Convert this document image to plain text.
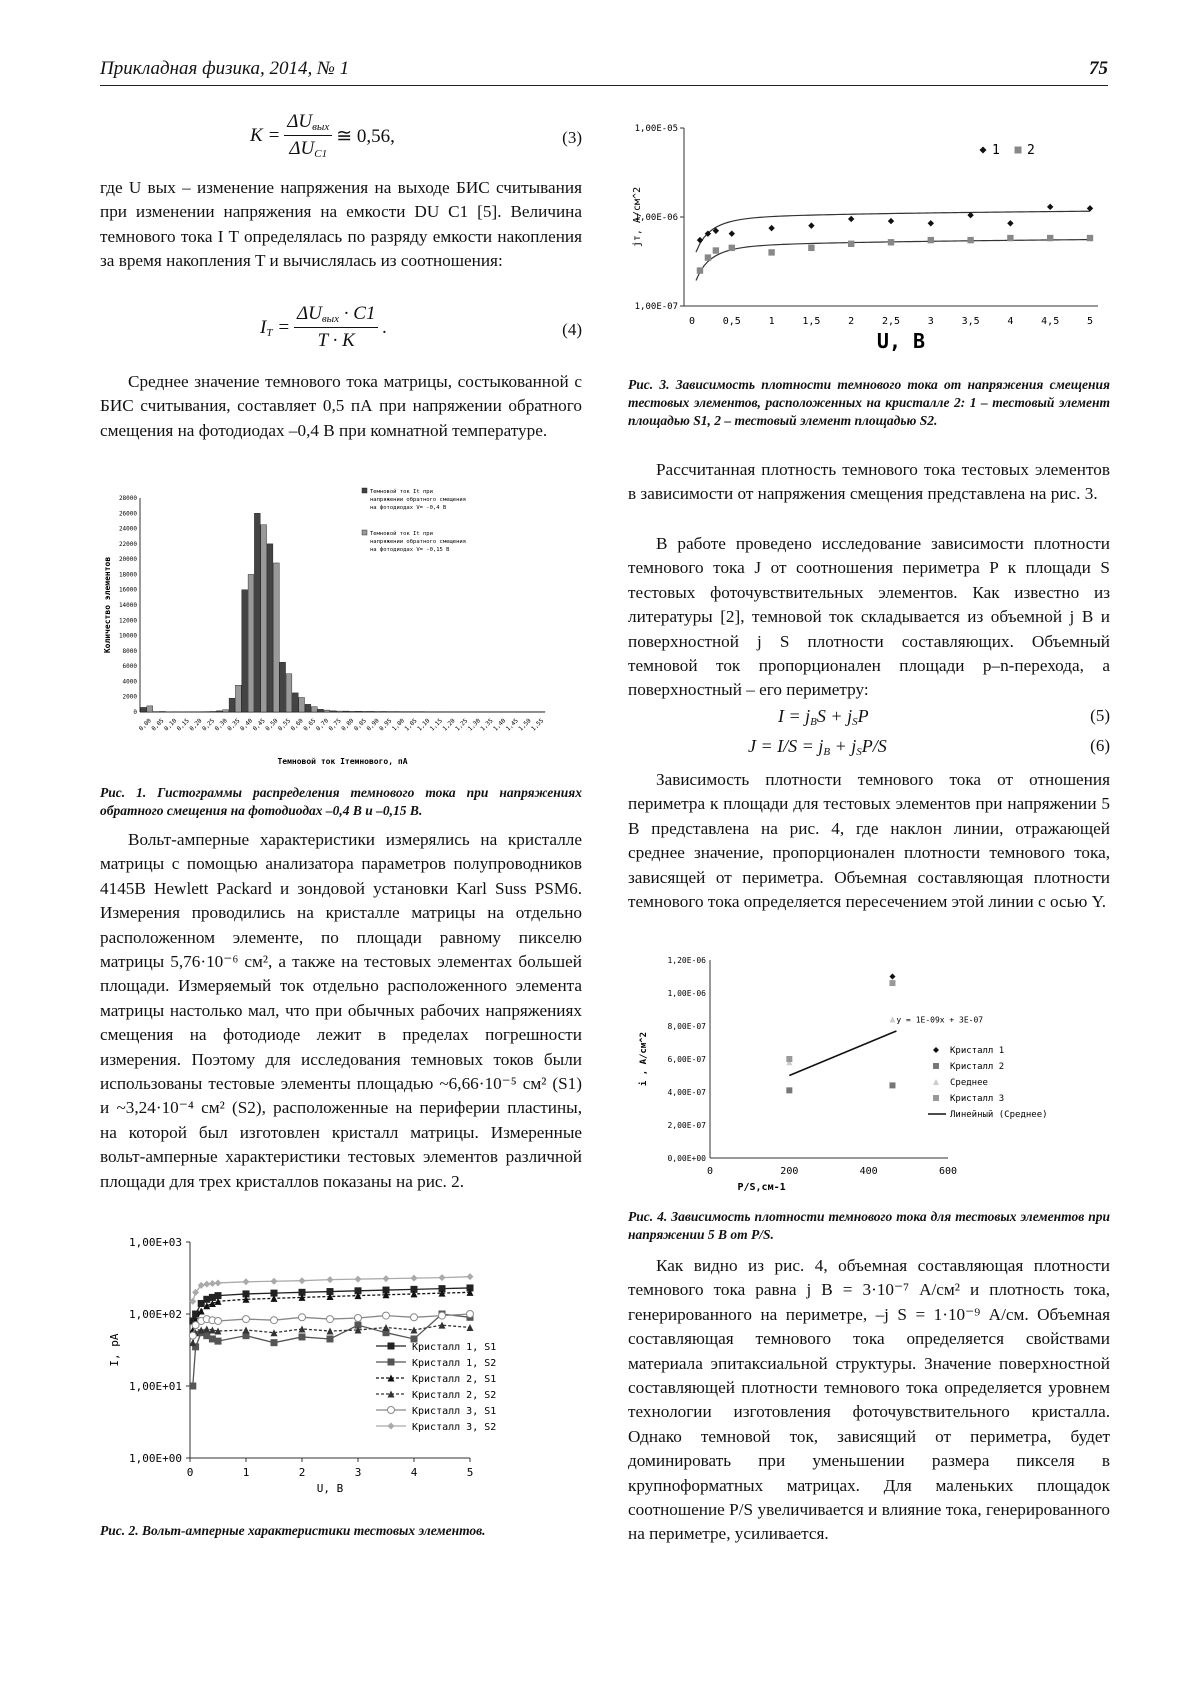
Прикладная физика, 2014, № 1	75
K =
$\Delta U_{вых}$
$\Delta U_{C1}$
≅ 0,56,	(3)

где U вых – изменение напряжения на выходе БИС считывания при изменении напряжения на емкости DU C1 [5]. Величина темнового тока I T определялась по разряду емкости накопления за время накопления T и вычислялась из соотношения:

$I_T$ =
$\Delta U_{вых} \cdot C1$
T · K
.	(4)

Среднее значение темнового тока матрицы, состыкованной с БИС считывания, составляет 0,5 пА при напряжении обратного смещения на фотодиодах –0,4 В при комнатной температуре.

0
2000
4000
6000
8000
10000
12000
14000
16000
18000
20000
22000
24000
26000
28000
0,00
0,05
0,10
0,15
0,20
0,25
0,30
0,35
0,40
0,45
0,50
0,55
0,60
0,65
0,70
0,75
0,80
0,85
0,90
0,95
1,00
1,05
1,10
1,15
1,20
1,25
1,30
1,35
1,40
1,45
1,50
1,55
Количество элементов
Темновой ток Ітемнового, пА
Темновой ток It при
напряжении обратного смещения
на фотодиодах V= -0,4 В
Темновой ток It при
напряжении обратного смещения
на фотодиодах V= -0,15 В

Рис. 1. Гистограммы распределения темнового тока при напряжениях обратного смещения на фотодиодах –0,4 В и –0,15 В.

Вольт-амперные характеристики измерялись на кристалле матрицы с помощью анализатора параметров полупроводников 4145B Hewlett Packard и зондовой установки Karl Suss PSM6. Измерения проводились на кристалле матрицы на отдельно расположенном элементе, по площади равному пикселю матрицы 5,76·10⁻⁶ см², а также на тестовых элементах большей площади. Измеряемый ток отдельно расположенного элемента матрицы настолько мал, что при обычных рабочих напряжениях смещения на фотодиоде лежит в пределах погрешности измерения. Поэтому для исследования темновых токов были использованы тестовые элементы площадью ~6,66·10⁻⁵ см² (S1) и ~3,24·10⁻⁴ см² (S2), расположенные на периферии пластины, на которой был изготовлен кристалл матрицы. Измеренные вольт-амперные характеристики тестовых элементов различной площади для трех кристаллов показаны на рис. 2.

1,00E+00
1,00E+01
1,00E+02
1,00E+03
0	1	2	3	4	5
I, pA
U, B
Кристалл 1, S1
Кристалл 1, S2
Кристалл 2, S1
Кристалл 2, S2
Кристалл 3, S1
Кристалл 3, S2

Рис. 2. Вольт-амперные характеристики тестовых элементов.

1,00E-07
1,00E-06
1,00E-05
0	0,5	1	1,5	2	2,5	3	3,5	4	4,5	5
jт, А/см^2
U, B
1 2

Рис. 3. Зависимость плотности темнового тока от напряжения смещения тестовых элементов, расположенных на кристалле 2: 1 – тестовый элемент площадью S1, 2 – тестовый элемент площадью S2.

Рассчитанная плотность темнового тока тестовых элементов в зависимости от напряжения смещения представлена на рис. 3.

В работе проведено исследование зависимости плотности темнового тока J от соотношения периметра P к площади S тестовых фоточувствительных элементов. Как известно из литературы [2], темновой ток складывается из объемной j B и поверхностной j S плотности составляющих. Объемный темновой ток пропорционален площади p–n-перехода, а поверхностный – его периметру:

$I = j_BS + j_SP$	(5)
$J = I/S = j_B + j_SP/S$	(6)

Зависимость плотности темнового тока от отношения периметра к площади для тестовых элементов при напряжении 5 В представлена на рис. 4, где наклон линии, отражающей среднее значение, пропорционален плотности темнового тока, зависящей от периметра. Объемная составляющая плотности темнового тока определяется пересечением этой линии с осью Y.

0,00E+00
2,00E-07
4,00E-07
6,00E-07
8,00E-07
1,00E-06
1,20E-06
0	200	400	600
i , A/см^2
P/S,см-1
y = 1E-09x + 3E-07
Кристалл 1
Кристалл 2
Среднее
Кристалл 3
Линейный (Среднее)

Рис. 4. Зависимость плотности темнового тока для тестовых элементов при напряжении 5 В от P/S.

Как видно из рис. 4, объемная составляющая плотности темнового тока равна j B = 3·10⁻⁷ А/см² и плотность тока, генерированного на периметре, –j S = 1·10⁻⁹ А/см. Объемная составляющая темнового тока определяется свойствами материала эпитаксиальной структуры. Значение поверхностной составляющей плотности темнового тока определяется уровнем технологии изготовления фоточувствительного кристалла. Однако темновой ток, зависящий от периметра, будет доминировать при уменьшении размера пикселя в крупноформатных матрицах. Для маленьких площадок соотношение P/S увеличивается и влияние тока, генерированного на периметре, усиливается.
